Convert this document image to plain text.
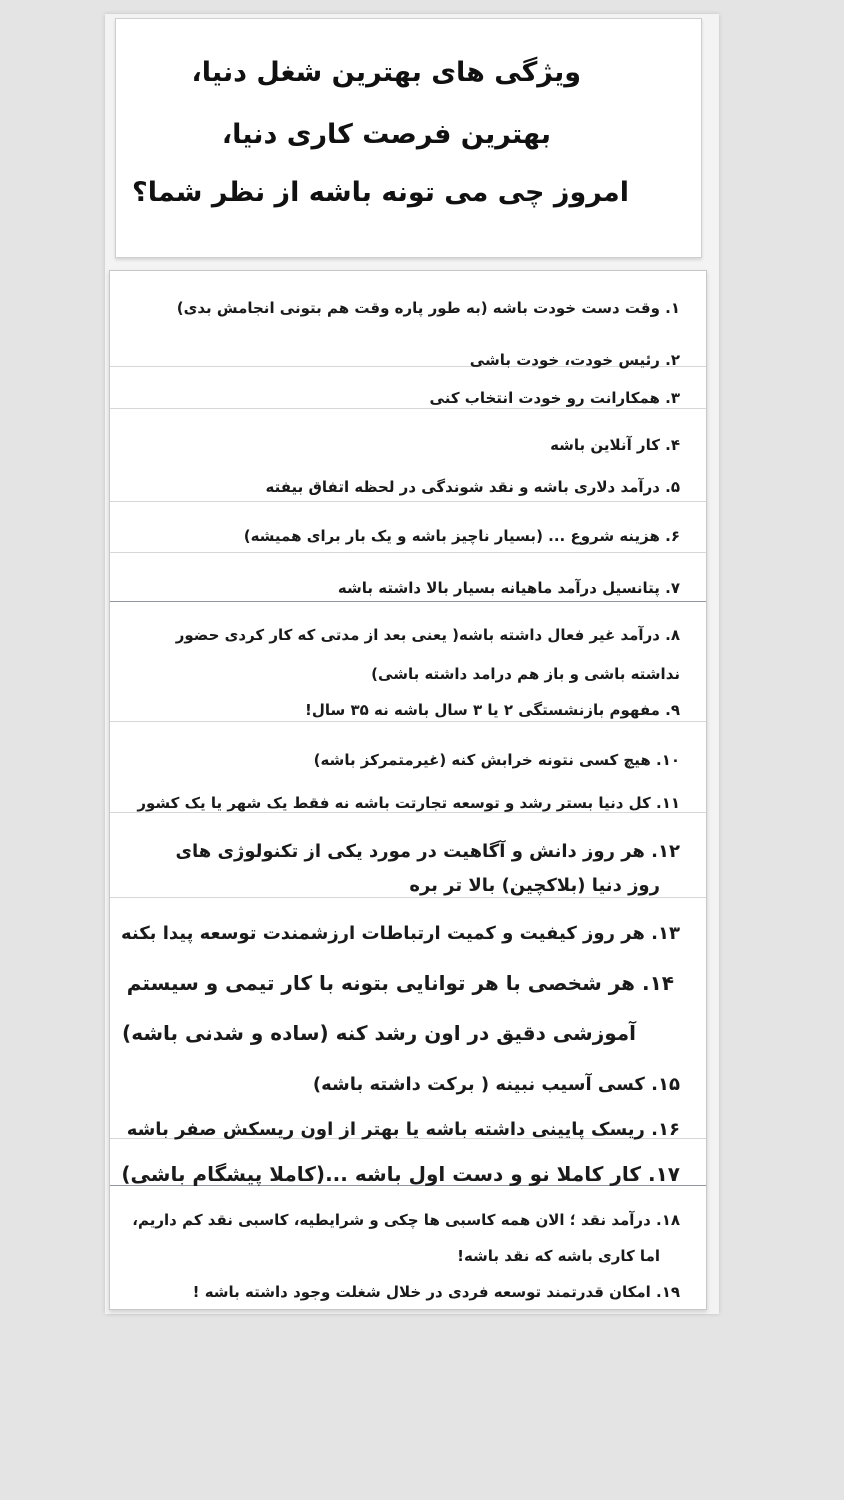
ویژگی های بهترین شغل دنیا،
بهترین فرصت کاری دنیا،
امروز چی می تونه باشه از نظر شما؟
۱. وقت دست خودت باشه (به طور پاره وقت هم بتونی انجامش بدی)
۲. رئیس خودت، خودت باشی
۳. همکارانت رو خودت انتخاب کنی
۴. کار آنلاین باشه
۵. درآمد دلاری باشه و نقد شوندگی در لحظه اتفاق بیفته
۶. هزینه شروع ... (بسیار ناچیز باشه و یک بار برای همیشه)
۷. پتانسیل درآمد ماهیانه بسیار بالا داشته باشه
۸. درآمد غیر فعال داشته باشه( یعنی بعد از مدتی که کار کردی حضور
نداشته باشی و باز هم درامد داشته باشی)
۹. مفهوم بازنشستگی ۲ یا ۳ سال باشه نه ۳۵ سال!
۱۰. هیچ کسی نتونه خرابش کنه (غیرمتمرکز باشه)
۱۱. کل دنیا بستر رشد و توسعه تجارتت باشه نه فقط یک شهر یا یک کشور
۱۲. هر روز دانش و آگاهیت در مورد یکی از تکنولوژی های
روز دنیا (بلاکچین) بالا تر بره
۱۳. هر روز کیفیت و کمیت ارتباطات ارزشمندت توسعه پیدا بکنه
۱۴. هر شخصی با هر توانایی بتونه با کار تیمی و سیستم
آموزشی دقیق در اون رشد کنه (ساده و شدنی باشه)
۱۵. کسی آسیب نبینه ( برکت داشته باشه)
۱۶. ریسک پایینی داشته باشه یا بهتر از اون ریسکش صفر باشه
۱۷. کار کاملا نو و دست اول باشه ...(کاملا پیشگام باشی)
۱۸. درآمد نقد ؛ الان همه کاسبی ها چکی و شرایطیه، کاسبی نقد کم داریم،
اما کاری باشه که نقد باشه!
۱۹. امکان قدرتمند توسعه فردی در خلال شغلت وجود داشته باشه !
